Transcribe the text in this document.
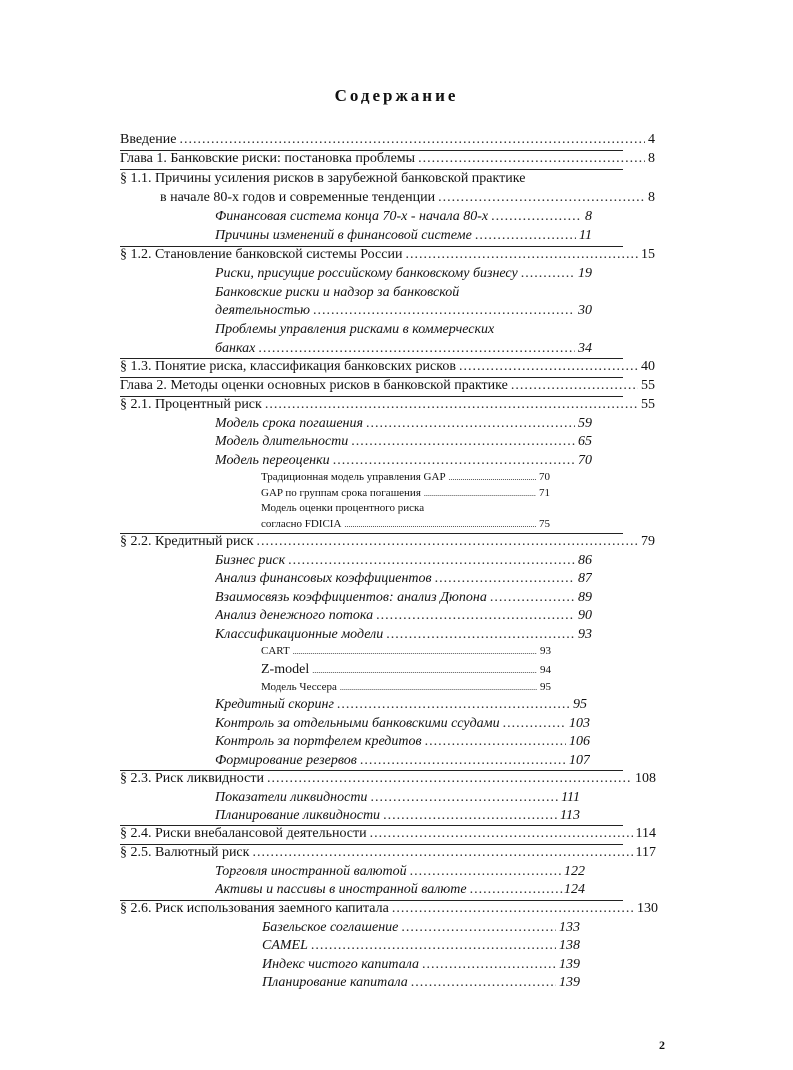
Содержание
Введение .....	4
Глава 1. Банковские риски: постановка проблемы .....	8
§ 1.1. Причины усиления рисков в зарубежной банковской практике
в начале 80-х годов и современные тенденции .....	8
Финансовая система конца 70-х - начала 80-х .....	8
Причины изменений в финансовой системе .....	11
§ 1.2. Становление банковской системы России .....	15
Риски, присущие российскому банковскому бизнесу .....	19
Банковские риски и надзор за банковской
деятельностью .....	30
Проблемы управления рисками в коммерческих
банках .....	34
§ 1.3. Понятие риска, классификация банковских рисков .....	40
Глава 2. Методы оценки основных рисков в банковской практике .....	55
§ 2.1. Процентный риск .....	55
Модель срока погашения .....	59
Модель длительности .....	65
Модель переоценки .....	70
Традиционная модель управления GAP .....	70
GAP по группам срока погашения .....	71
Модель оценки процентного риска
согласно FDICIA .....	75
§ 2.2. Кредитный риск .....	79
Бизнес риск .....	86
Анализ финансовых коэффициентов .....	87
Взаимосвязь коэффициентов: анализ Дюпона .....	89
Анализ денежного потока .....	90
Классификационные модели .....	93
CART .....	93
Z-model .....	94
Модель Чессера .....	95
Кредитный скоринг .....	95
Контроль за отдельными банковскими ссудами .....	103
Контроль за портфелем кредитов .....	106
Формирование резервов .....	107
§ 2.3. Риск ликвидности .....	108
Показатели ликвидности .....	111
Планирование ликвидности .....	113
§ 2.4. Риски внебалансовой деятельности .....	114
§ 2.5. Валютный риск .....	117
Торговля иностранной валютой .....	122
Активы и пассивы в иностранной валюте .....	124
§ 2.6. Риск использования заемного капитала .....	130
Базельское соглашение .....	133
CAMEL .....	138
Индекс чистого капитала .....	139
Планирование капитала .....	139
2
